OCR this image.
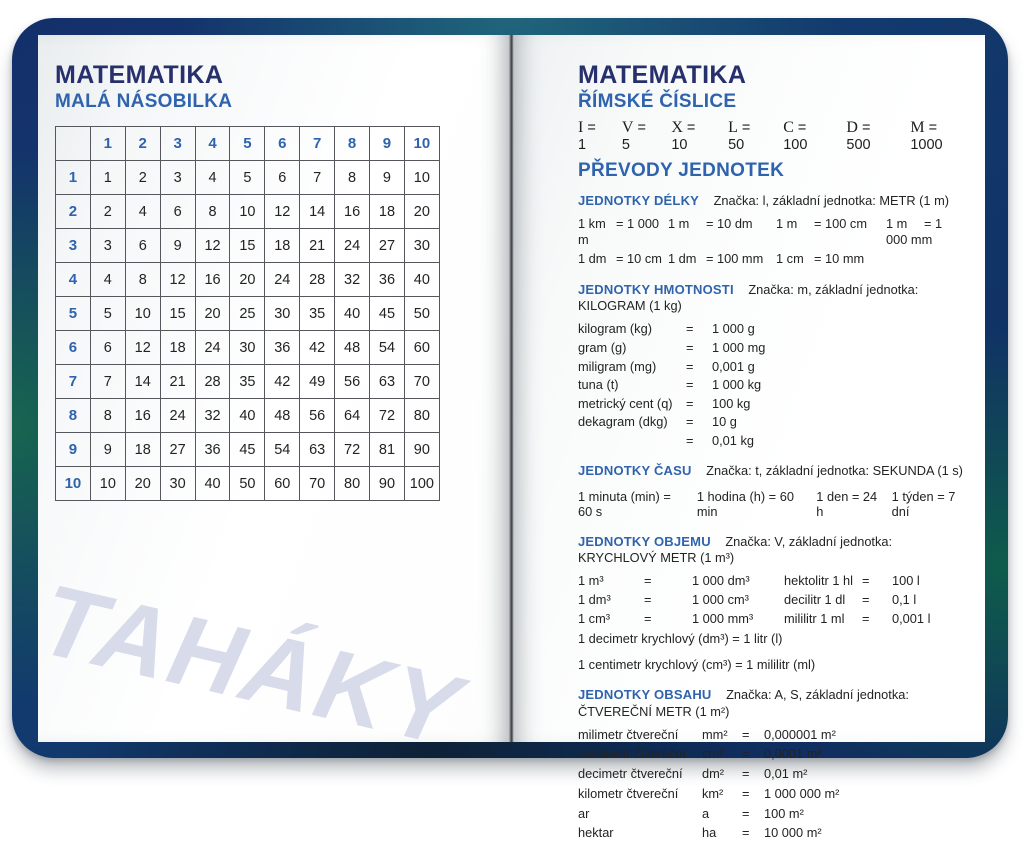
MATEMATIKA
MALÁ NÁSOBILKA
	1	2	3	4	5	6	7	8	9	10
1	1	2	3	4	5	6	7	8	9	10
2	2	4	6	8	10	12	14	16	18	20
3	3	6	9	12	15	18	21	24	27	30
4	4	8	12	16	20	24	28	32	36	40
5	5	10	15	20	25	30	35	40	45	50
6	6	12	18	24	30	36	42	48	54	60
7	7	14	21	28	35	42	49	56	63	70
8	8	16	24	32	40	48	56	64	72	80
9	9	18	27	36	45	54	63	72	81	90
10	10	20	30	40	50	60	70	80	90	100
TAHÁKY
MATEMATIKA
ŘÍMSKÉ ČÍSLICE
I = 1
V = 5
X = 10
L = 50
C = 100
D = 500
M = 1000
PŘEVODY JEDNOTEK
JEDNOTKY DÉLKY Značka: l, základní jednotka: METR (1 m)
1 km = 1 000 m
1 m = 10 dm	1 m = 100 cm	1 m = 1 000 mm
1 dm = 10 cm 1 dm = 100 mm 1 cm = 10 mm
JEDNOTKY HMOTNOSTI Značka: m, základní jednotka: KILOGRAM (1 kg)
kilogram (kg)	=	1 000 g
gram (g)	=	1 000 mg
miligram (mg)	=	0,001 g
tuna (t)	=	1 000 kg
metrický cent (q)	=	100 kg
dekagram (dkg)	=	10 g
=	0,01 kg
JEDNOTKY ČASU Značka: t, základní jednotka: SEKUNDA (1 s)
1 minuta (min) = 60 s
1 hodina (h) = 60 min
1 den = 24 h
1 týden = 7 dní
JEDNOTKY OBJEMU Značka: V, základní jednotka: KRYCHLOVÝ METR (1 m³)
1 m³	=	1 000 dm³	hektolitr 1 hl =	100 l
1 dm³	=	1 000 cm³	decilitr 1 dl	=	0,1 l
1 cm³	=	1 000 mm³	mililitr 1 ml	=	0,001 l
1 decimetr krychlový (dm³) = 1 litr (l)
1 centimetr krychlový (cm³) = 1 mililitr (ml)
JEDNOTKY OBSAHU Značka: A, S, základní jednotka: ČTVEREČNÍ METR (1 m²)
milimetr čtvereční	mm²	=	0,000001 m²
centimetr čtvereční	cm²	=	0,0001 m²
decimetr čtvereční	dm²	=	0,01 m²
kilometr čtvereční	km²	=	1 000 000 m²
ar	a	=	100 m²
hektar	ha	=	10 000 m²
